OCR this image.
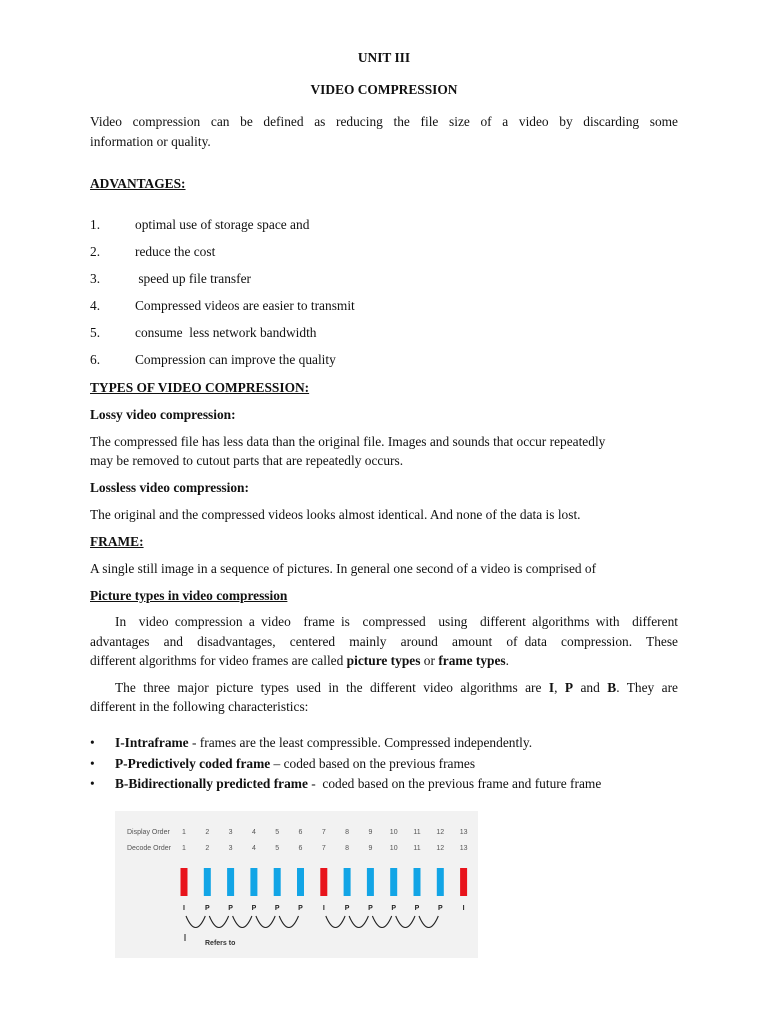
UNIT III
VIDEO COMPRESSION
Video compression can be defined as reducing the file size of a video by discarding some
information or quality.
ADVANTAGES:
1.	optimal use of storage space and
2.	reduce the cost
3.	speed up file transfer
4.	Compressed videos are easier to transmit
5.	consume  less network bandwidth
6.	Compression can improve the quality
TYPES OF VIDEO COMPRESSION:
Lossy video compression:
The compressed file has less data than the original file. Images and sounds that occur repeatedly
may be removed to cutout parts that are repeatedly occurs.
Lossless video compression:
The original and the compressed videos looks almost identical. And none of the data is lost.
FRAME:
A single still image in a sequence of pictures. In general one second of a video is comprised of
Picture types in video compression
In  video compression a video  frame is  compressed  using  different algorithms with  different
advantages  and  disadvantages,  centered  mainly  around  amount  of data  compression.  These
different algorithms for video frames are called picture types or frame types.
The three major picture types used in the different video algorithms are I, P and B. They are
different in the following characteristics:
• I-Intraframe - frames are the least compressible. Compressed independently.
• P-Predictively coded frame – coded based on the previous frames
• B-Bidirectionally predicted frame -  coded based on the previous frame and future frame
Display Order
Decode Order
1	2	3	4	5	6	7	8	9 10 11 12 13
1	2	3	4	5	6	7	8	9 10 11 12 13
I	P	P	P	P	P	I	P	P	P	P	P	I
Refers to
